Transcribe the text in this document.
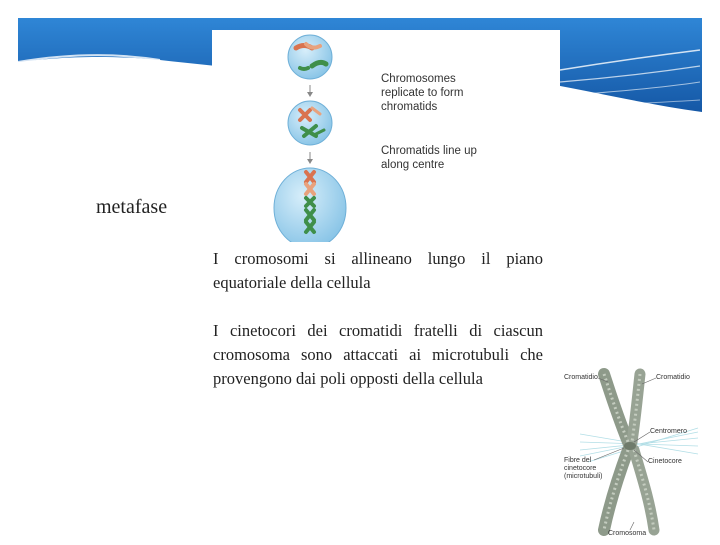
Chromosomes
replicate to form
chromatids
Chromatids line up
along centre
metafase
I cromosomi si allineano lungo il piano equatoriale della cellula
I cinetocori dei cromatidi fratelli di ciascun cromosoma sono attaccati ai microtubuli che provengono dai poli opposti della cellula	Cromatidio	Cromatidio
Centromero
Cinetocore
Fibre del
cinetocore
(microtubuli)
Cromosoma
